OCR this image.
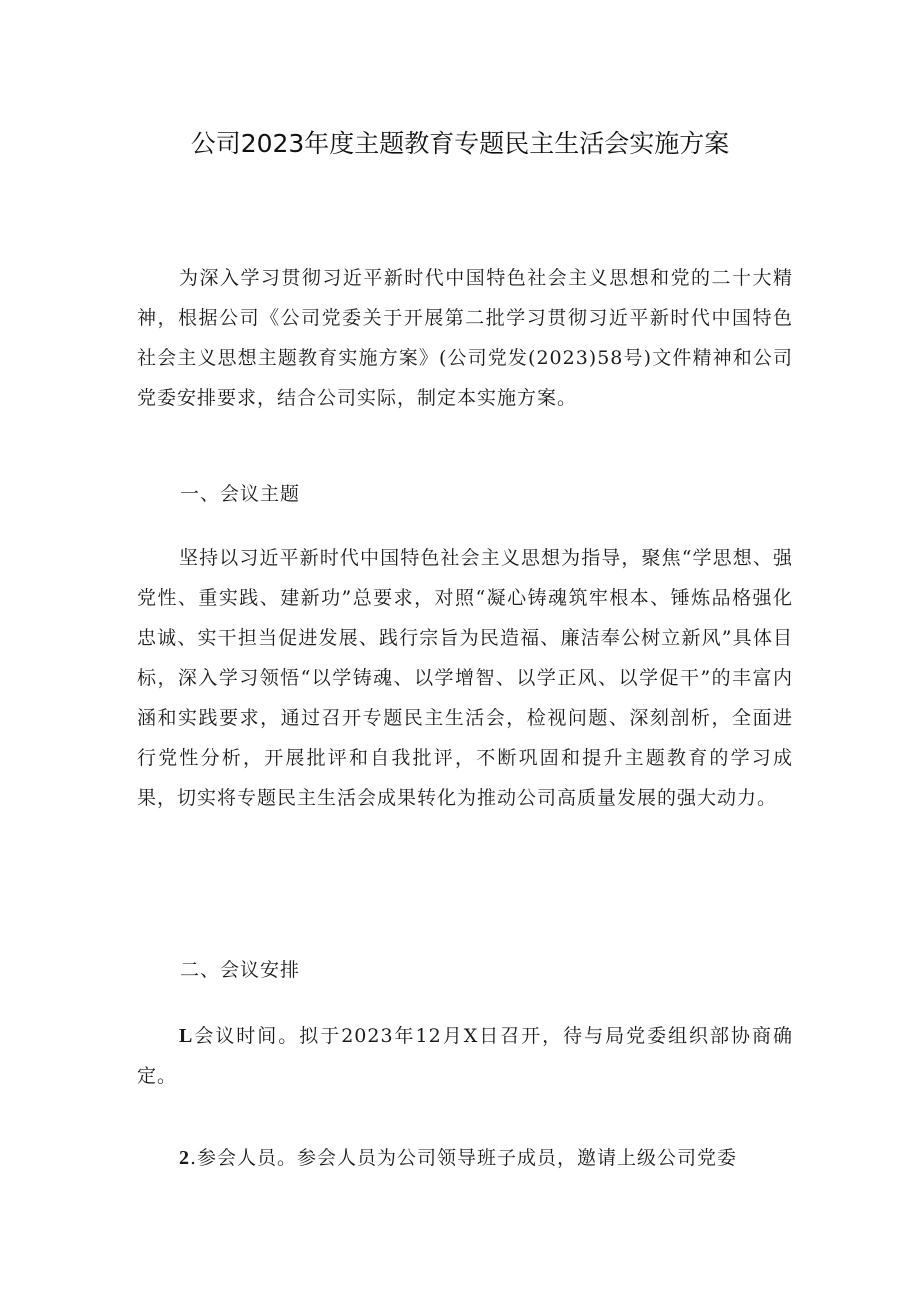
公司2023年度主题教育专题民主生活会实施方案

为深入学习贯彻习近平新时代中国特色社会主义思想和党的二十大精神，根据公司《公司党委关于开展第二批学习贯彻习近平新时代中国特色社会主义思想主题教育实施方案》(公司党发(2023)58号)文件精神和公司党委安排要求，结合公司实际，制定本实施方案。

一、会议主题

坚持以习近平新时代中国特色社会主义思想为指导，聚焦“学思想、强党性、重实践、建新功”总要求，对照“凝心铸魂筑牢根本、锤炼品格强化忠诚、实干担当促进发展、践行宗旨为民造福、廉洁奉公树立新风”具体目标，深入学习领悟“以学铸魂、以学增智、以学正风、以学促干”的丰富内涵和实践要求，通过召开专题民主生活会，检视问题、深刻剖析，全面进行党性分析，开展批评和自我批评，不断巩固和提升主题教育的学习成果，切实将专题民主生活会成果转化为推动公司高质量发展的强大动力。

二、会议安排

L会议时间。拟于2023年12月X日召开，待与局党委组织部协商确定。

2.参会人员。参会人员为公司领导班子成员，邀请上级公司党委
